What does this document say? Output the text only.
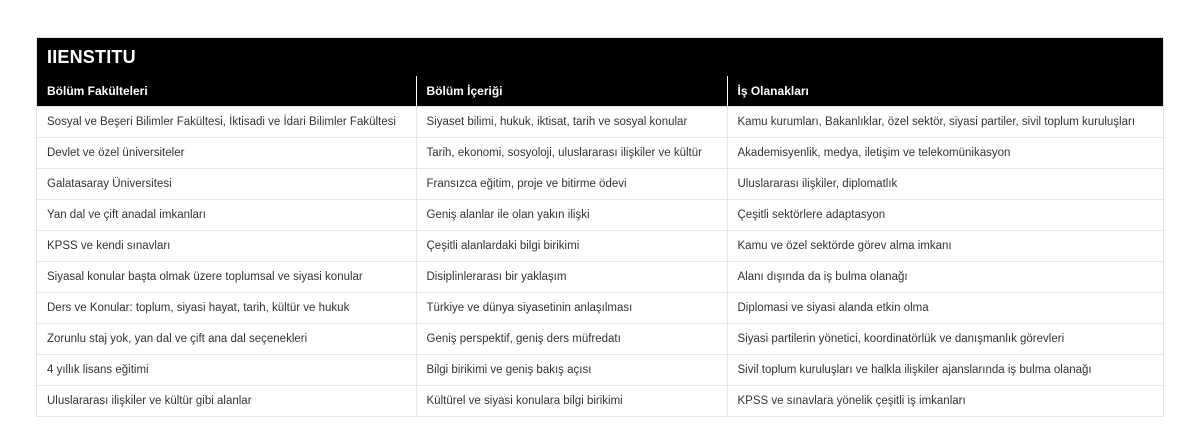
IIENSTITU
Bölüm Fakülteleri	Bölüm İçeriği	İş Olanakları
Sosyal ve Beşeri Bilimler Fakültesi, İktisadi ve İdari Bilimler Fakültesi	Siyaset bilimi, hukuk, iktisat, tarih ve sosyal konular	Kamu kurumları, Bakanlıklar, özel sektör, siyasi partiler, sivil toplum kuruluşları
Devlet ve özel üniversiteler	Tarih, ekonomi, sosyoloji, uluslararası ilişkiler ve kültür	Akademisyenlik, medya, iletişim ve telekomünikasyon
Galatasaray Üniversitesi	Fransızca eğitim, proje ve bitirme ödevi	Uluslararası ilişkiler, diplomatlık
Yan dal ve çift anadal imkanları	Geniş alanlar ile olan yakın ilişki	Çeşitli sektörlere adaptasyon
KPSS ve kendi sınavları	Çeşitli alanlardaki bilgi birikimi	Kamu ve özel sektörde görev alma imkanı
Siyasal konular başta olmak üzere toplumsal ve siyasi konular	Disiplinlerarası bir yaklaşım	Alanı dışında da iş bulma olanağı
Ders ve Konular: toplum, siyasi hayat, tarih, kültür ve hukuk	Türkiye ve dünya siyasetinin anlaşılması	Diplomasi ve siyasi alanda etkin olma
Zorunlu staj yok, yan dal ve çift ana dal seçenekleri	Geniş perspektif, geniş ders müfredatı	Siyasi partilerin yönetici, koordinatörlük ve danışmanlık görevleri
4 yıllık lisans eğitimi	Bilgi birikimi ve geniş bakış açısı	Sivil toplum kuruluşları ve halkla ilişkiler ajanslarında iş bulma olanağı
Uluslararası ilişkiler ve kültür gibi alanlar	Kültürel ve siyasi konulara bilgi birikimi	KPSS ve sınavlara yönelik çeşitli iş imkanları
